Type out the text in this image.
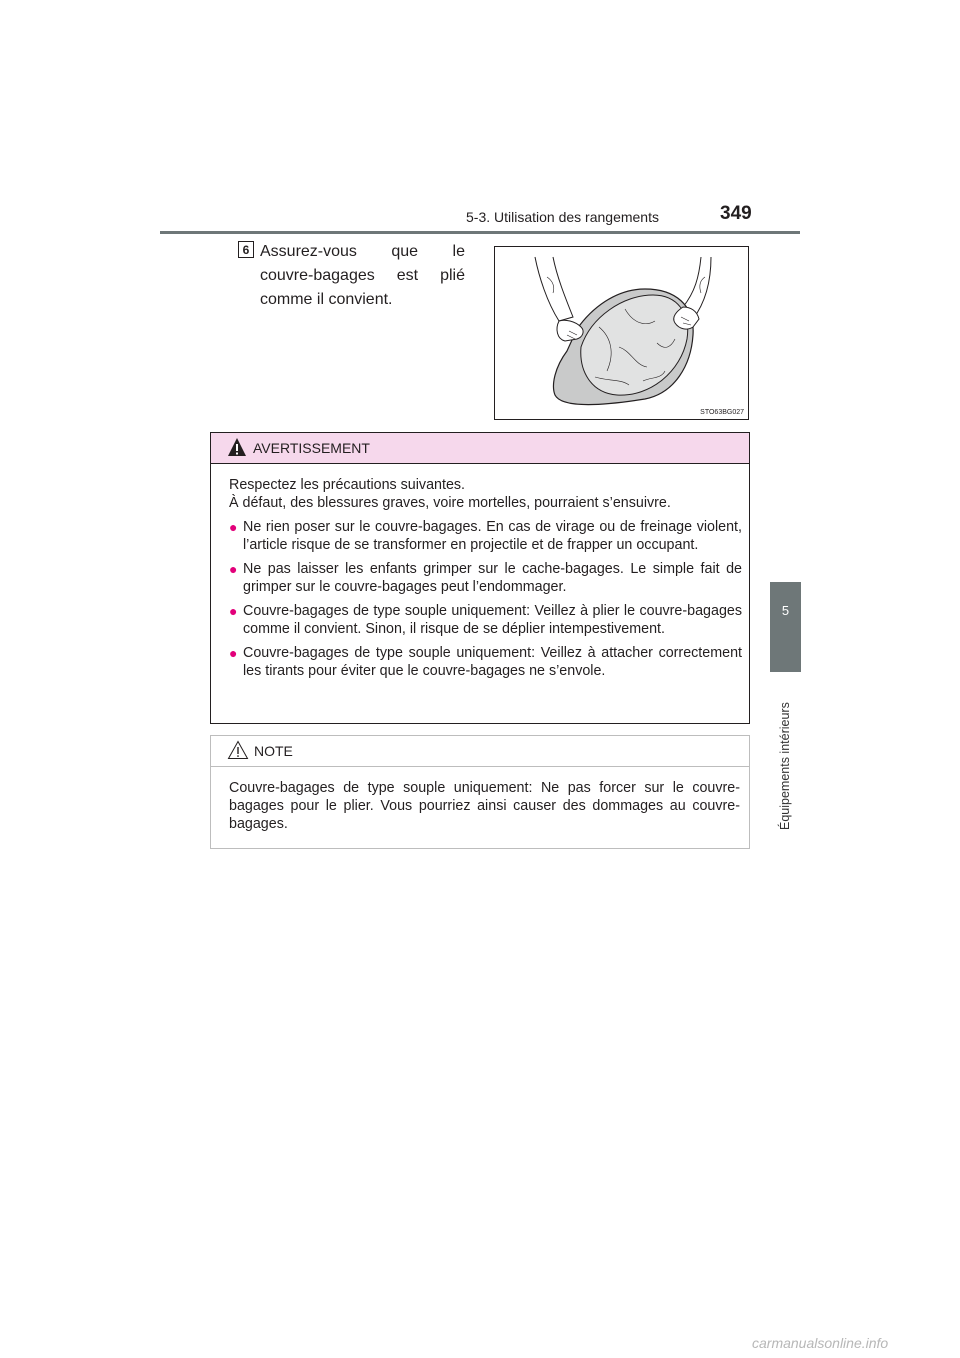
5-3. Utilisation des rangements	349
5
Équipements intérieurs
6 Assurez-vous que le
couvre-bagages est plié
comme il convient.
STO63BG027
AVERTISSEMENT

Respectez les précautions suivantes.

À défaut, des blessures graves, voire mortelles, pourraient s’ensuivre.

● Ne rien poser sur le couvre-bagages. En cas de virage ou de freinage violent, l’article risque de se transformer en projectile et de frapper un occupant.

● Ne pas laisser les enfants grimper sur le cache-bagages. Le simple fait de grimper sur le couvre-bagages peut l’endommager.

● Couvre-bagages de type souple uniquement: Veillez à plier le couvre-bagages comme il convient. Sinon, il risque de se déplier intempestivement.

● Couvre-bagages de type souple uniquement: Veillez à attacher correctement les tirants pour éviter que le couvre-bagages ne s’envole.

NOTE
Couvre-bagages de type souple uniquement: Ne pas forcer sur le couvre-bagages pour le plier. Vous pourriez ainsi causer des dommages au couvre-bagages.
carmanualsonline.info
